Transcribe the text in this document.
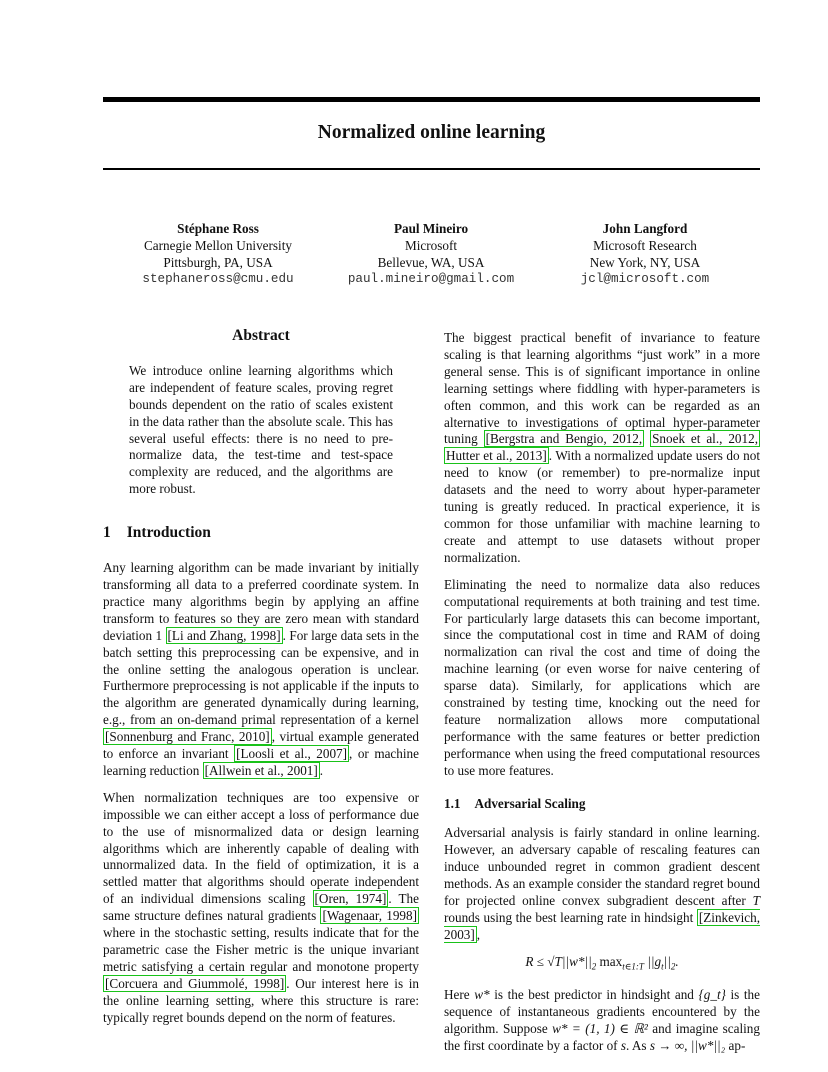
Normalized online learning
Stéphane Ross
Carnegie Mellon University
Pittsburgh, PA, USA
stephaneross@cmu.edu
Paul Mineiro
Microsoft
Bellevue, WA, USA
paul.mineiro@gmail.com
John Langford
Microsoft Research
New York, NY, USA
jcl@microsoft.com
Abstract

We introduce online learning algorithms which are independent of feature scales, proving regret bounds dependent on the ratio of scales existent in the data rather than the absolute scale. This has several useful effects: there is no need to pre-normalize data, the test-time and test-space complexity are reduced, and the algorithms are more robust.

1 Introduction

Any learning algorithm can be made invariant by initially transforming all data to a preferred coordinate system. In practice many algorithms begin by applying an affine transform to features so they are zero mean with standard deviation 1 [Li and Zhang, 1998] . For large data sets in the batch setting this preprocessing can be expensive, and in the online setting the analogous operation is unclear. Furthermore preprocessing is not applicable if the inputs to the algorithm are generated dynamically during learning, e.g., from an on-demand primal representation of a kernel [Sonnenburg and Franc, 2010] , virtual example generated to enforce an invariant [Loosli et al., 2007] , or machine learning reduction [Allwein et al., 2001] .

When normalization techniques are too expensive or impossible we can either accept a loss of performance due to the use of misnormalized data or design learning algorithms which are inherently capable of dealing with unnormalized data. In the field of optimization, it is a settled matter that algorithms should operate independent of an individual dimensions scaling [Oren, 1974] . The same structure defines natural gradients [Wagenaar, 1998] where in the stochastic setting, results indicate that for the parametric case the Fisher metric is the unique invariant metric satisfying a certain regular and monotone property [Corcuera and Giummolé, 1998] . Our interest here is in the online learning setting, where this structure is rare: typically regret bounds depend on the norm of features.

The biggest practical benefit of invariance to feature scaling is that learning algorithms “just work” in a more general sense. This is of significant importance in online learning settings where fiddling with hyper-parameters is often common, and this work can be regarded as an alternative to investigations of optimal hyper-parameter tuning [Bergstra and Bengio, 2012, Snoek et al., 2012, Hutter et al., 2013] . With a normalized update users do not need to know (or remember) to pre-normalize input datasets and the need to worry about hyper-parameter tuning is greatly reduced. In practical experience, it is common for those unfamiliar with machine learning to create and attempt to use datasets without proper normalization.

Eliminating the need to normalize data also reduces computational requirements at both training and test time. For particularly large datasets this can become important, since the computational cost in time and RAM of doing normalization can rival the cost and time of doing the machine learning (or even worse for naive centering of sparse data). Similarly, for applications which are constrained by testing time, knocking out the need for feature normalization allows more computational performance with the same features or better prediction performance when using the freed computational resources to use more features.

1.1 Adversarial Scaling

Adversarial analysis is fairly standard in online learning. However, an adversary capable of rescaling features can induce unbounded regret in common gradient descent methods. As an example consider the standard regret bound for projected online convex subgradient descent after T rounds using the best learning rate in hindsight [Zinkevich, 2003] ,

$R \le √T||w*||_2$ $\max_{t\in 1:T} ||g_t||_2$.

Here w* is the best predictor in hindsight and {g_t} is the sequence of instantaneous gradients encountered by the algorithm. Suppose w* = (1, 1) ∈ ℝ² and imagine scaling the first coordinate by a factor of s. As s → ∞, ||w*||₂ ap-
